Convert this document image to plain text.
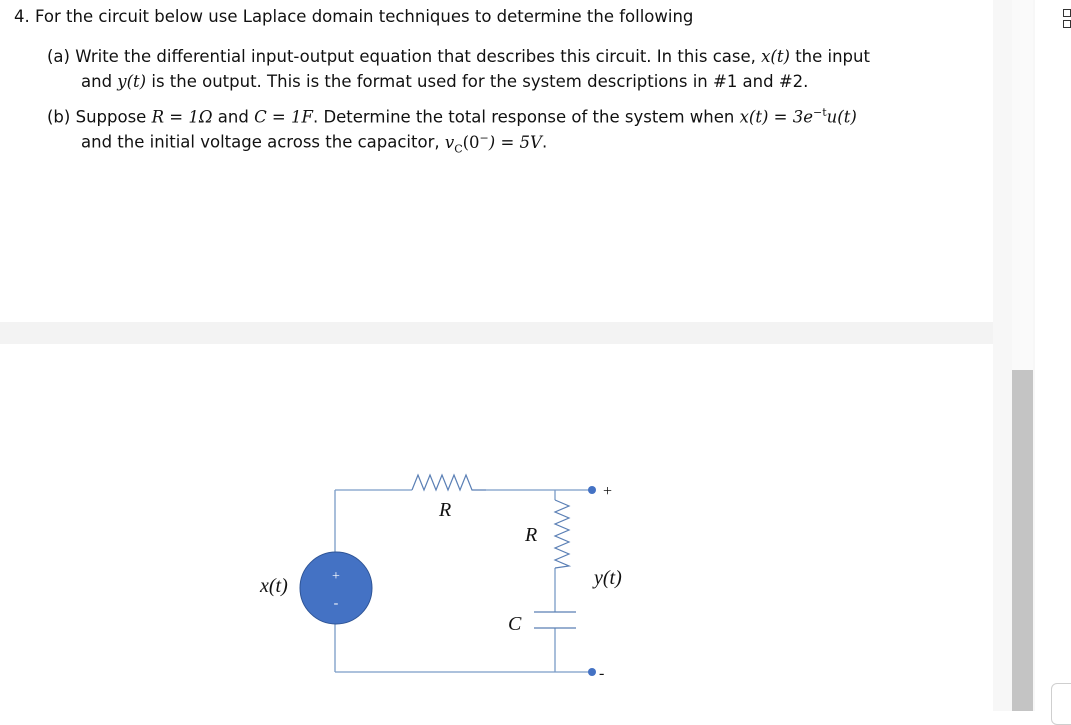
4. For the circuit below use Laplace domain techniques to determine the following
(a) Write the differential input-output equation that describes this circuit. In this case, x(t) the input
and y(t) is the output. This is the format used for the system descriptions in #1 and #2.
(b) Suppose R = 1Ω and C = 1F. Determine the total response of the system when $x(t) = 3e^{-t}u(t)$
and the initial voltage across the capacitor, $v_C(0^-) = 5V$.
+
-
+
-
x(t)
R
R
C
y(t)
